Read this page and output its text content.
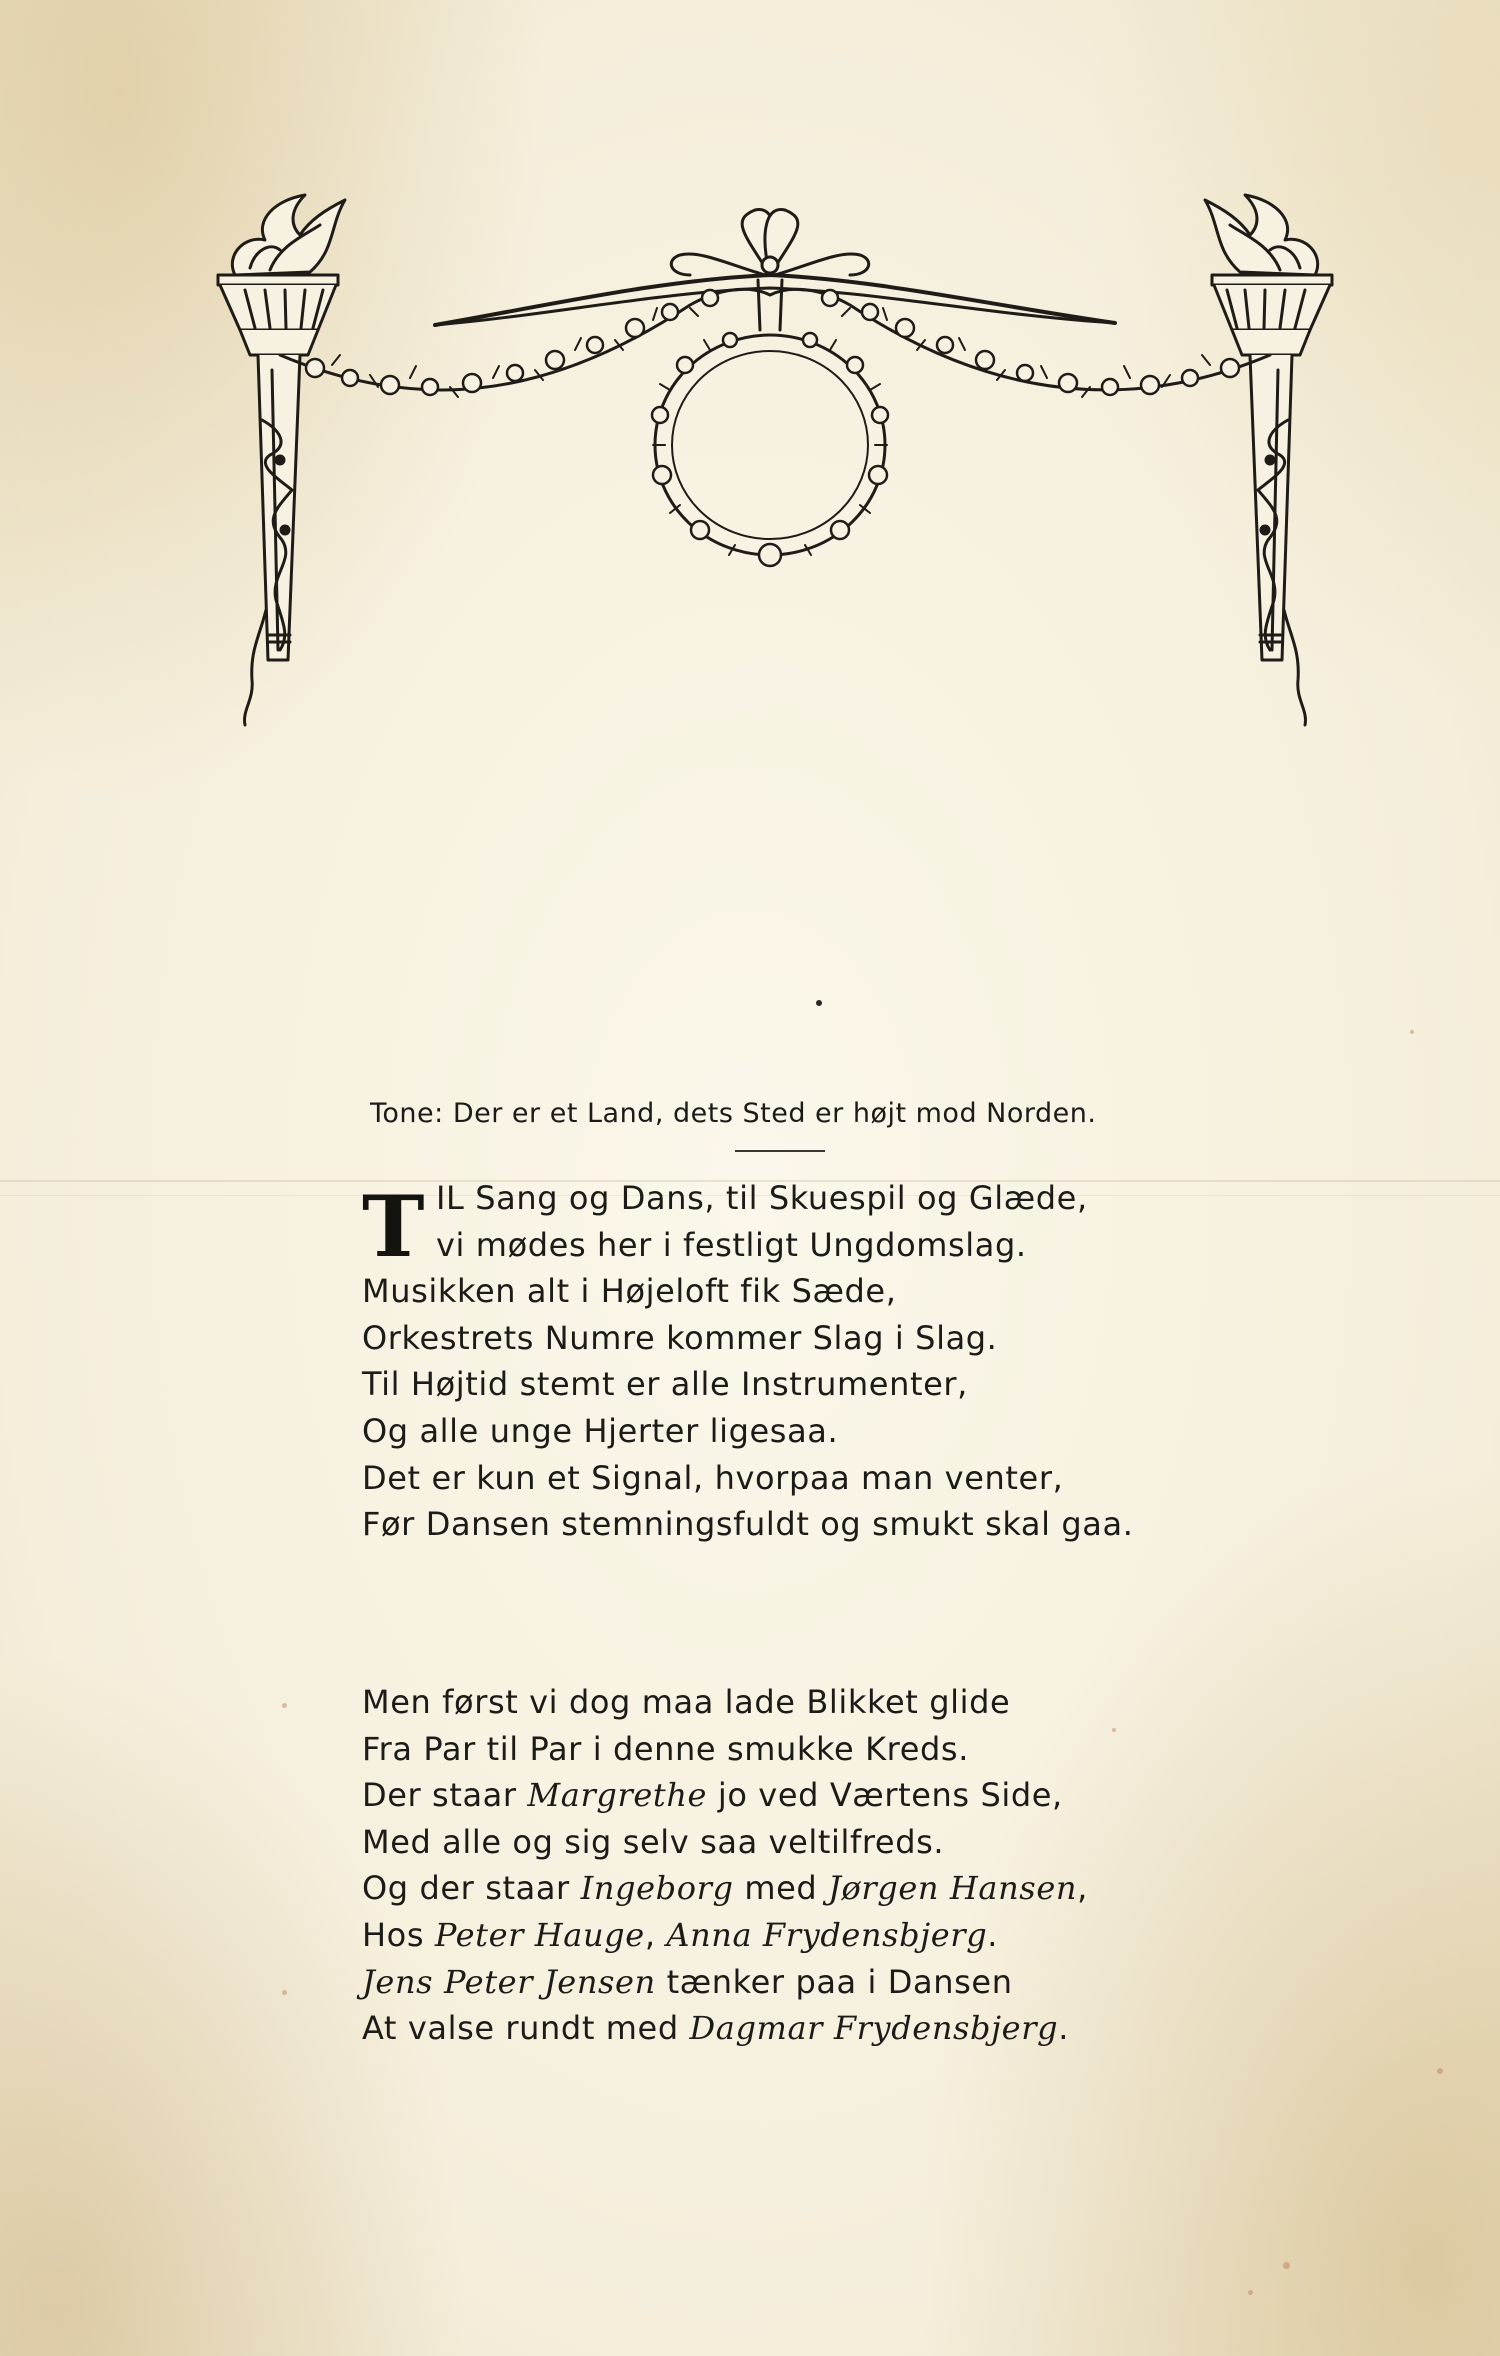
Tone: Der er et Land, dets Sted er højt mod Norden.
T IL Sang og Dans, til Skuespil og Glæde,
vi mødes her i festligt Ungdomslag.
Musikken alt i Højeloft fik Sæde,
Orkestrets Numre kommer Slag i Slag.
Til Højtid stemt er alle Instrumenter,
Og alle unge Hjerter ligesaa.
Det er kun et Signal, hvorpaa man venter,
Før Dansen stemningsfuldt og smukt skal gaa.
Men først vi dog maa lade Blikket glide
Fra Par til Par i denne smukke Kreds.
Der staar Margrethe jo ved Værtens Side,
Med alle og sig selv saa veltilfreds.
Og der staar Ingeborg med Jørgen Hansen,
Hos Peter Hauge, Anna Frydensbjerg.
Jens Peter Jensen tænker paa i Dansen
At valse rundt med Dagmar Frydensbjerg.
